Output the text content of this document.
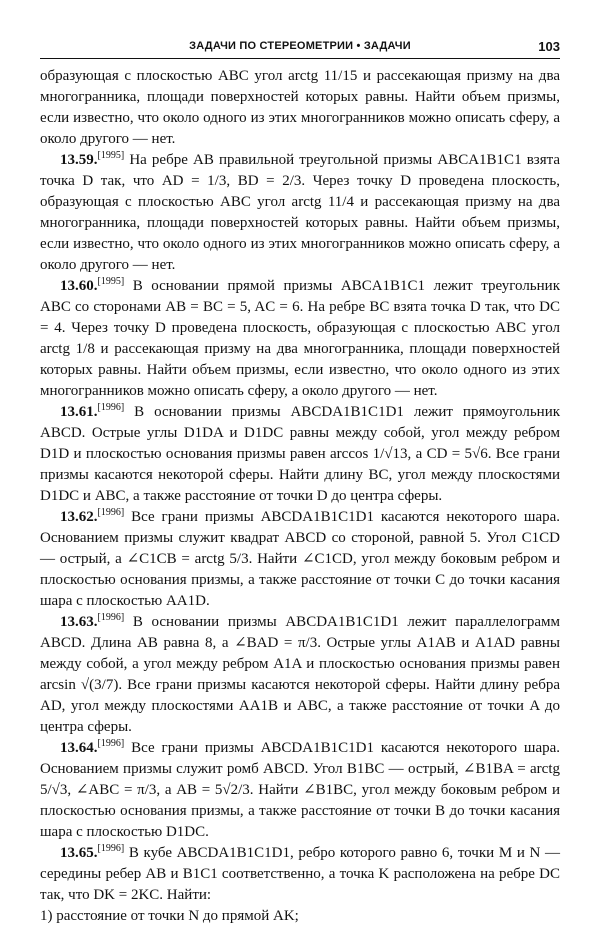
ЗАДАЧИ ПО СТЕРЕОМЕТРИИ • ЗАДАЧИ	103

образующая с плоскостью ABC угол arctg 11/15 и рассекающая призму на два многогранника, площади поверхностей которых равны. Найти объем призмы, если известно, что около одного из этих многогранников можно описать сферу, а около другого — нет.

13.59.[1995] На ребре AB правильной треугольной призмы ABCA1B1C1 взята точка D так, что AD = 1/3, BD = 2/3. Через точку D проведена плоскость, образующая с плоскостью ABC угол arctg 11/4 и рассекающая призму на два многогранника, площади поверхностей которых равны. Найти объем призмы, если известно, что около одного из этих многогранников можно описать сферу, а около другого — нет.

13.60.[1995] В основании прямой призмы ABCA1B1C1 лежит треугольник ABC со сторонами AB = BC = 5, AC = 6. На ребре BC взята точка D так, что DC = 4. Через точку D проведена плоскость, образующая с плоскостью ABC угол arctg 1/8 и рассекающая призму на два многогранника, площади поверхностей которых равны. Найти объем призмы, если известно, что около одного из этих многогранников можно описать сферу, а около другого — нет.

13.61.[1996] В основании призмы ABCDA1B1C1D1 лежит прямоугольник ABCD. Острые углы D1DA и D1DC равны между собой, угол между ребром D1D и плоскостью основания призмы равен arccos 1/√13, а CD = 5√6. Все грани призмы касаются некоторой сферы. Найти длину BC, угол между плоскостями D1DC и ABC, а также расстояние от точки D до центра сферы.

13.62.[1996] Все грани призмы ABCDA1B1C1D1 касаются некоторого шара. Основанием призмы служит квадрат ABCD со стороной, равной 5. Угол C1CD — острый, а ∠C1CB = arctg 5/3. Найти ∠C1CD, угол между боковым ребром и плоскостью основания призмы, а также расстояние от точки C до точки касания шара с плоскостью AA1D.

13.63.[1996] В основании призмы ABCDA1B1C1D1 лежит параллелограмм ABCD. Длина AB равна 8, а ∠BAD = π/3. Острые углы A1AB и A1AD равны между собой, а угол между ребром A1A и плоскостью основания призмы равен arcsin √(3/7). Все грани призмы касаются некоторой сферы. Найти длину ребра AD, угол между плоскостями AA1B и ABC, а также расстояние от точки A до центра сферы.

13.64.[1996] Все грани призмы ABCDA1B1C1D1 касаются некоторого шара. Основанием призмы служит ромб ABCD. Угол B1BC — острый, ∠B1BA = arctg 5/√3, ∠ABC = π/3, а AB = 5√2/3. Найти ∠B1BC, угол между боковым ребром и плоскостью основания призмы, а также расстояние от точки B до точки касания шара с плоскостью D1DC.

13.65.[1996] В кубе ABCDA1B1C1D1, ребро которого равно 6, точки M и N — середины ребер AB и B1C1 соответственно, а точка K расположена на ребре DC так, что DK = 2KC. Найти:

1) расстояние от точки N до прямой AK;
